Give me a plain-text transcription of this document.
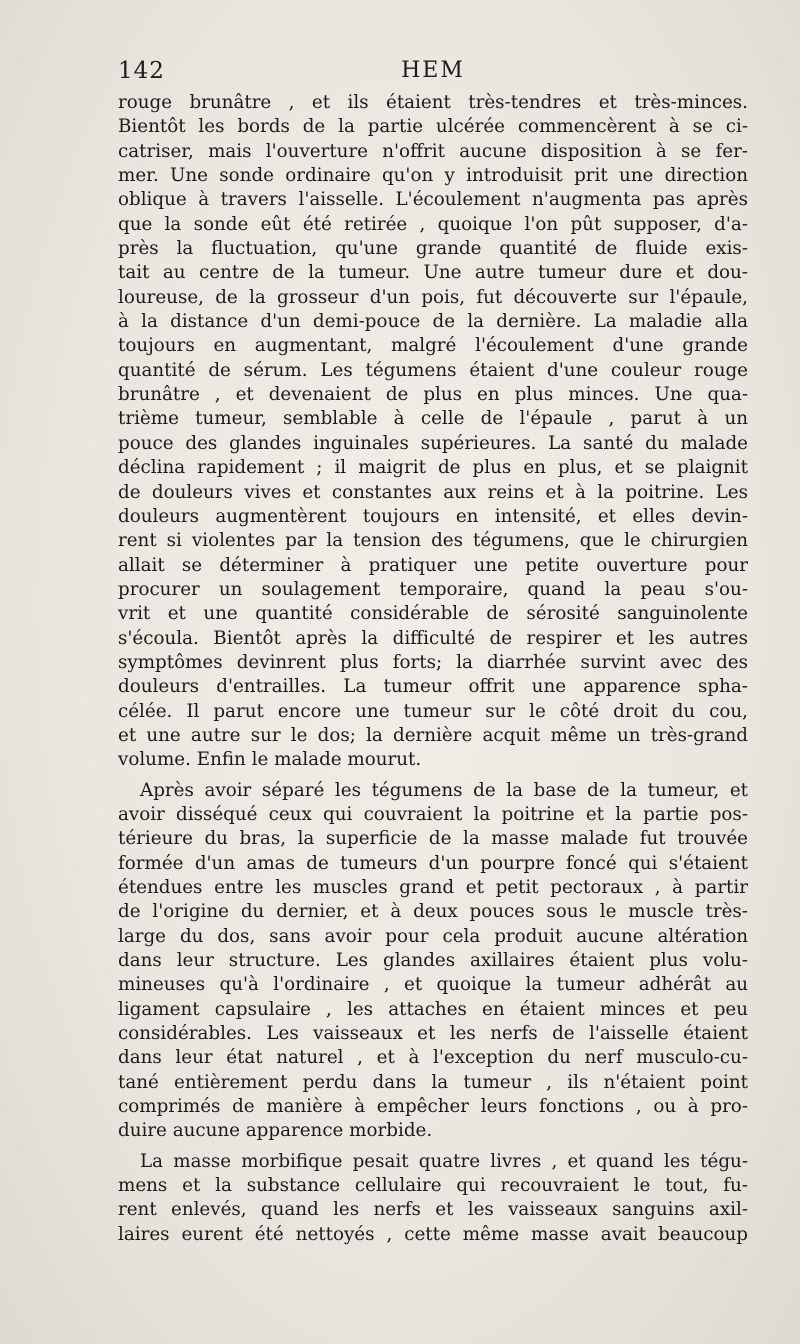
142	HEM
rouge brunâtre , et ils étaient très-tendres et très-minces.
Bientôt les bords de la partie ulcérée commencèrent à se ci-
catriser, mais l'ouverture n'offrit aucune disposition à se fer-
mer. Une sonde ordinaire qu'on y introduisit prit une direction
oblique à travers l'aisselle. L'écoulement n'augmenta pas après
que la sonde eût été retirée , quoique l'on pût supposer, d'a-
près la fluctuation, qu'une grande quantité de fluide exis-
tait au centre de la tumeur. Une autre tumeur dure et dou-
loureuse, de la grosseur d'un pois, fut découverte sur l'épaule,
à la distance d'un demi-pouce de la dernière. La maladie alla
toujours en augmentant, malgré l'écoulement d'une grande
quantité de sérum. Les tégumens étaient d'une couleur rouge
brunâtre , et devenaient de plus en plus minces. Une qua-
trième tumeur, semblable à celle de l'épaule , parut à un
pouce des glandes inguinales supérieures. La santé du malade
déclina rapidement ; il maigrit de plus en plus, et se plaignit
de douleurs vives et constantes aux reins et à la poitrine. Les
douleurs augmentèrent toujours en intensité, et elles devin-
rent si violentes par la tension des tégumens, que le chirurgien
allait se déterminer à pratiquer une petite ouverture pour
procurer un soulagement temporaire, quand la peau s'ou-
vrit et une quantité considérable de sérosité sanguinolente
s'écoula. Bientôt après la difficulté de respirer et les autres
symptômes devinrent plus forts; la diarrhée survint avec des
douleurs d'entrailles. La tumeur offrit une apparence spha-
célée. Il parut encore une tumeur sur le côté droit du cou,
et une autre sur le dos; la dernière acquit même un très-grand
volume. Enfin le malade mourut.
Après avoir séparé les tégumens de la base de la tumeur, et
avoir disséqué ceux qui couvraient la poitrine et la partie pos-
térieure du bras, la superficie de la masse malade fut trouvée
formée d'un amas de tumeurs d'un pourpre foncé qui s'étaient
étendues entre les muscles grand et petit pectoraux , à partir
de l'origine du dernier, et à deux pouces sous le muscle très-
large du dos, sans avoir pour cela produit aucune altération
dans leur structure. Les glandes axillaires étaient plus volu-
mineuses qu'à l'ordinaire , et quoique la tumeur adhérât au
ligament capsulaire , les attaches en étaient minces et peu
considérables. Les vaisseaux et les nerfs de l'aisselle étaient
dans leur état naturel , et à l'exception du nerf musculo-cu-
tané entièrement perdu dans la tumeur , ils n'étaient point
comprimés de manière à empêcher leurs fonctions , ou à pro-
duire aucune apparence morbide.
La masse morbifique pesait quatre livres , et quand les tégu-
mens et la substance cellulaire qui recouvraient le tout, fu-
rent enlevés, quand les nerfs et les vaisseaux sanguins axil-
laires eurent été nettoyés , cette même masse avait beaucoup
